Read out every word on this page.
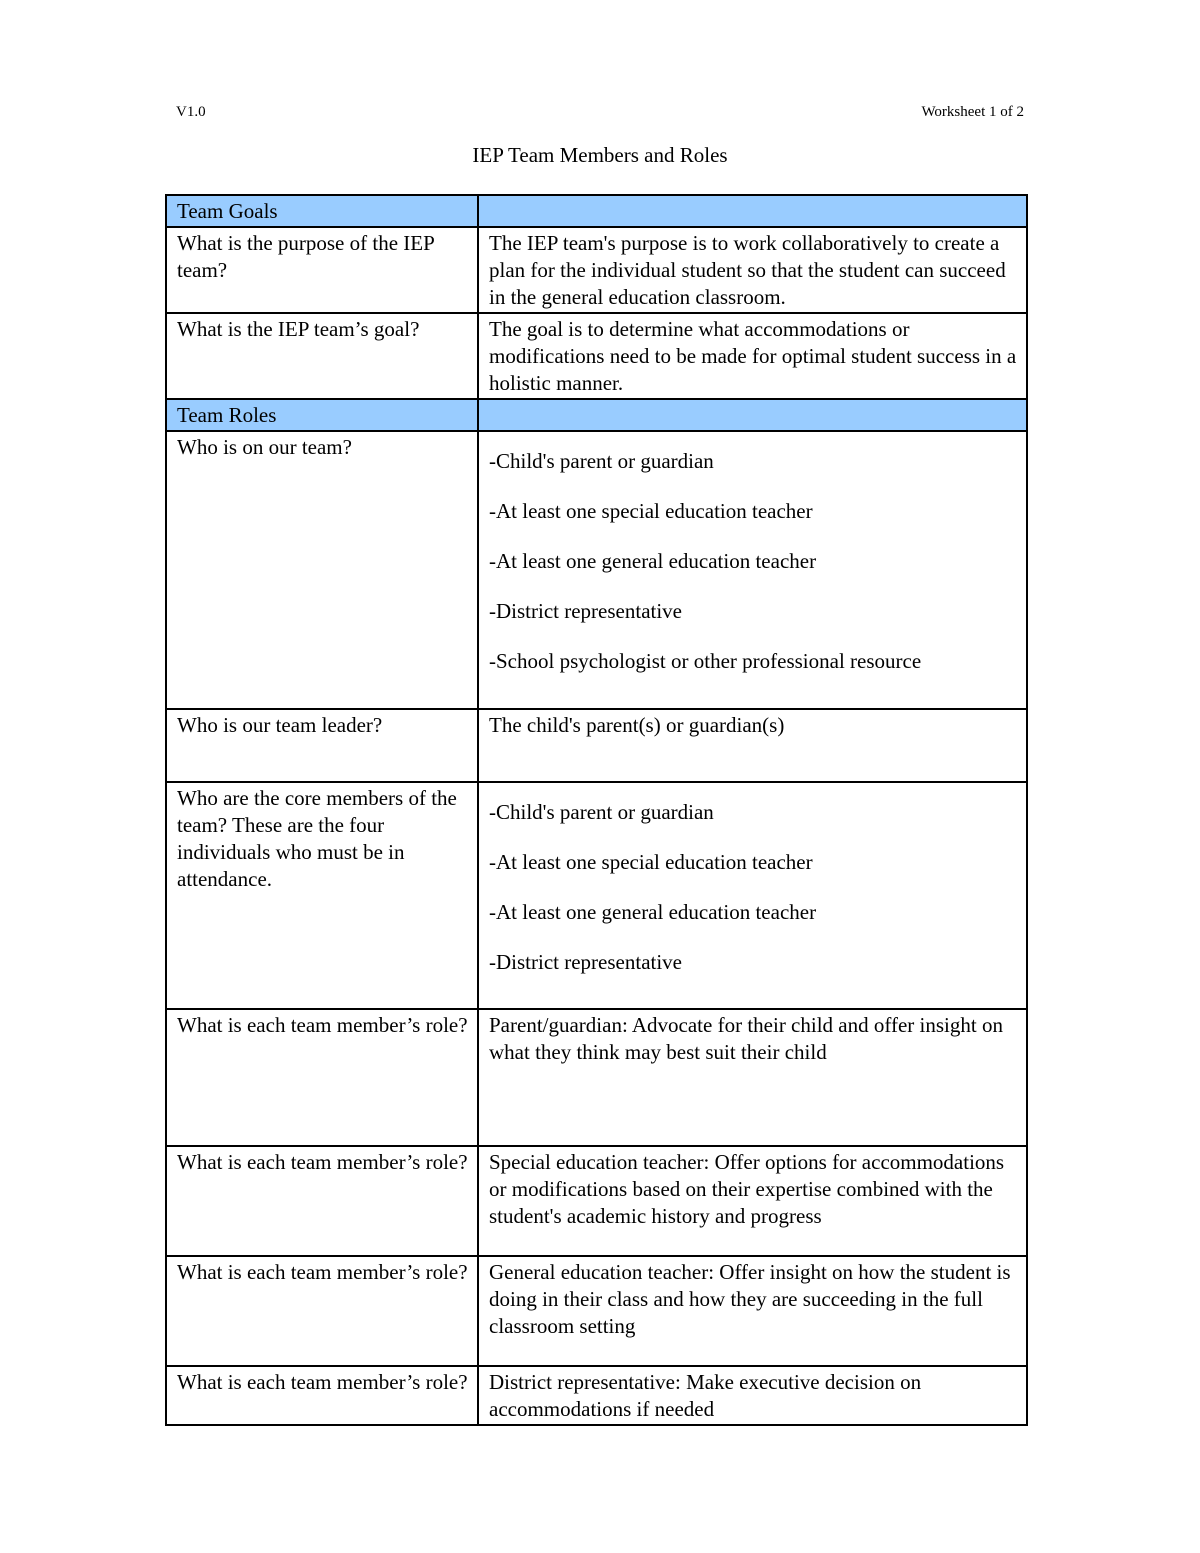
V1.0	Worksheet 1 of 2
IEP Team Members and Roles
Team Goals	
What is the purpose of the IEP team?	The IEP team's purpose is to work collaboratively to create a plan for the individual student so that the student can succeed in the general education classroom.
What is the IEP team’s goal?	The goal is to determine what accommodations or modifications need to be made for optimal student success in a holistic manner.
Team Roles	
Who is on our team?	-Child's parent or guardian
-At least one special education teacher
-At least one general education teacher
-District representative
-School psychologist or other professional resource

Who is our team leader?	The child's parent(s) or guardian(s)
Who are the core members of the team? These are the four individuals who must be in attendance.	-Child's parent or guardian
-At least one special education teacher
-At least one general education teacher
-District representative

What is each team member’s role?	Parent/guardian: Advocate for their child and offer insight on what they think may best suit their child
What is each team member’s role?	Special education teacher: Offer options for accommodations or modifications based on their expertise combined with the student's academic history and progress
What is each team member’s role?	General education teacher: Offer insight on how the student is doing in their class and how they are succeeding in the full classroom setting
What is each team member’s role?	District representative: Make executive decision on accommodations if needed
